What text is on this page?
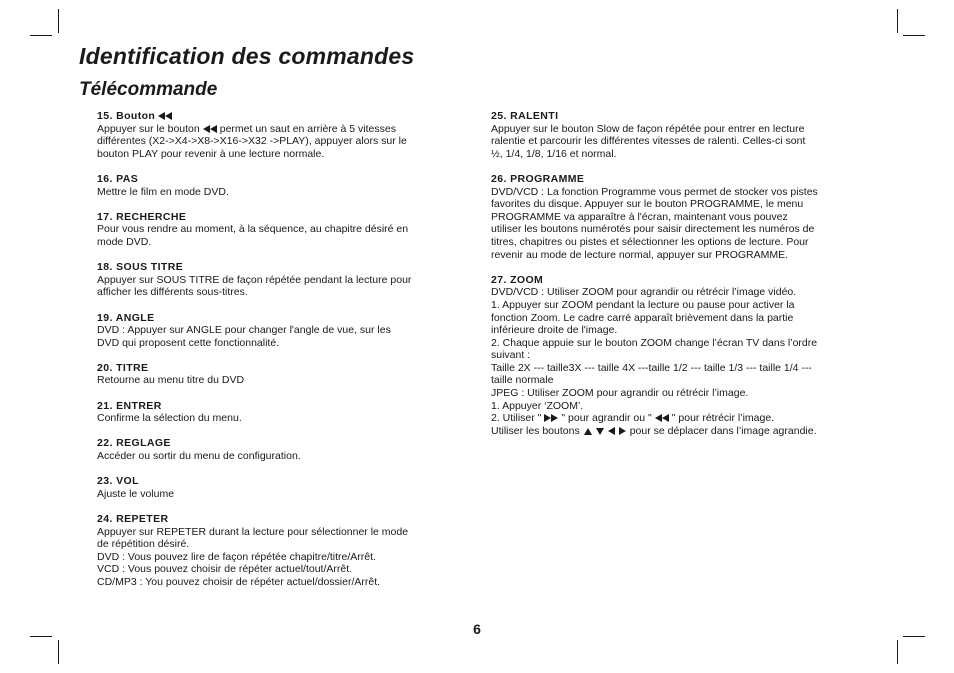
Identification des commandes
Télécommande
15. Bouton
Appuyer sur le bouton permet un saut en arrière à 5 vitesses
différentes (X2->X4->X8->X16->X32 ->PLAY), appuyer alors sur le
bouton PLAY pour revenir à une lecture normale.
16. PAS
Mettre le film en mode DVD.
17. RECHERCHE
Pour vous rendre au moment, à la séquence, au chapitre désiré en
mode DVD.
18. SOUS TITRE
Appuyer sur SOUS TITRE de façon répétée pendant la lecture pour
afficher les différents sous-titres.
19. ANGLE
DVD : Appuyer sur ANGLE pour changer l'angle de vue, sur les
DVD qui proposent cette fonctionnalité.
20. TITRE
Retourne au menu titre du DVD
21. ENTRER
Confirme la sélection du menu.
22. REGLAGE
Accéder ou sortir du menu de configuration.
23. VOL
Ajuste le volume
24. REPETER
Appuyer sur REPETER durant la lecture pour sélectionner le mode
de répétition désiré.
DVD : Vous pouvez lire de façon répétée chapitre/titre/Arrêt.
VCD : Vous pouvez choisir de répéter actuel/tout/Arrêt.
CD/MP3 : You pouvez choisir de répéter actuel/dossier/Arrêt.
25. RALENTI
Appuyer sur le bouton Slow de façon répétée pour entrer en lecture
ralentie et parcourir les différentes vitesses de ralenti. Celles-ci sont
½, 1/4, 1/8, 1/16 et normal.
26. PROGRAMME
DVD/VCD : La fonction Programme vous permet de stocker vos pistes
favorites du disque. Appuyer sur le bouton PROGRAMME, le menu
PROGRAMME va apparaître à l'écran, maintenant vous pouvez
utiliser les boutons numérotés pour saisir directement les numéros de
titres, chapitres ou pistes et sélectionner les options de lecture. Pour
revenir au mode de lecture normal, appuyer sur PROGRAMME.
27. ZOOM
DVD/VCD : Utiliser ZOOM pour agrandir ou rétrécir l’image vidéo.
1. Appuyer sur ZOOM pendant la lecture ou pause pour activer la
fonction Zoom. Le cadre carré apparaît brièvement dans la partie
inférieure droite de l'image.
2. Chaque appuie sur le bouton ZOOM change l’écran TV dans l’ordre
suivant :
Taille 2X --- taille3X --- taille 4X ---taille 1/2 --- taille 1/3 --- taille 1/4 ---
taille normale
JPEG : Utiliser ZOOM pour agrandir ou rétrécir l’image.
1. Appuyer ‘ZOOM’.
2. Utiliser " " pour agrandir ou " " pour rétrécir l’image.
Utiliser les boutons	pour se déplacer dans l’image agrandie.
6
